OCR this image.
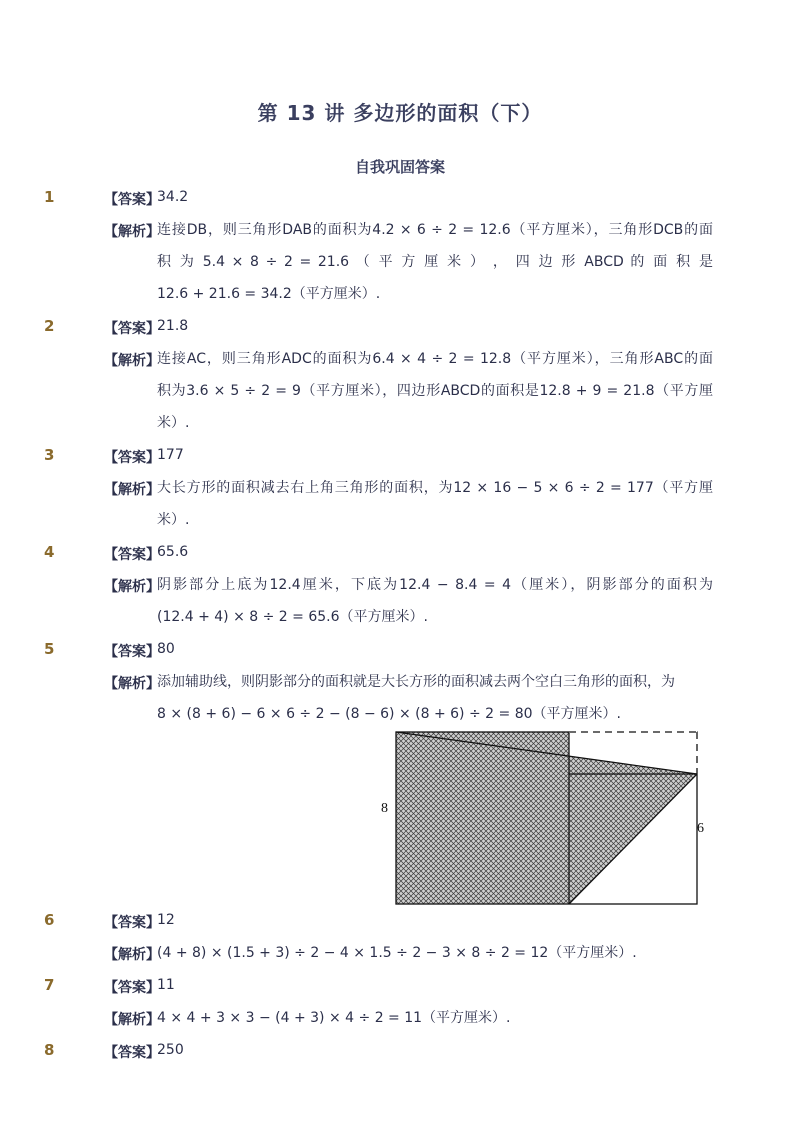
第 13 讲 多边形的面积（下）
自我巩固答案
1	【答案】
34.2
【解析】

连接DB，则三角形DAB的面积为4.2 × 6 ÷ 2 = 12.6（平方厘米），三角形DCB的面

积 为 5.4 × 8 ÷ 2 = 21.6 （ 平 方 厘 米 ） ， 四 边 形 ABCD 的 面 积 是

12.6 + 21.6 = 34.2（平方厘米）.

2	【答案】
21.8
【解析】

连接AC，则三角形ADC的面积为6.4 × 4 ÷ 2 = 12.8（平方厘米），三角形ABC的面

积为3.6 × 5 ÷ 2 = 9（平方厘米），四边形ABCD的面积是12.8 + 9 = 21.8（平方厘

米）.

3	【答案】
177
【解析】

大长方形的面积减去右上角三角形的面积，为12 × 16 − 5 × 6 ÷ 2 = 177（平方厘

米）.

4	【答案】
65.6
【解析】

阴影部分上底为12.4厘米，下底为12.4 − 8.4 = 4（厘米），阴影部分的面积为

(12.4 + 4) × 8 ÷ 2 = 65.6（平方厘米）.

5	【答案】
80
【解析】

添加辅助线，则阴影部分的面积就是大长方形的面积减去两个空白三角形的面积，为

8 × (8 + 6) − 6 × 6 ÷ 2 − (8 − 6) × (8 + 6) ÷ 2 = 80（平方厘米）.

8
6
6	【答案】
12
【解析】

(4 + 8) × (1.5 + 3) ÷ 2 − 4 × 1.5 ÷ 2 − 3 × 8 ÷ 2 = 12（平方厘米）.

7	【答案】
11
【解析】

4 × 4 + 3 × 3 − (4 + 3) × 4 ÷ 2 = 11（平方厘米）.

8	【答案】
250
